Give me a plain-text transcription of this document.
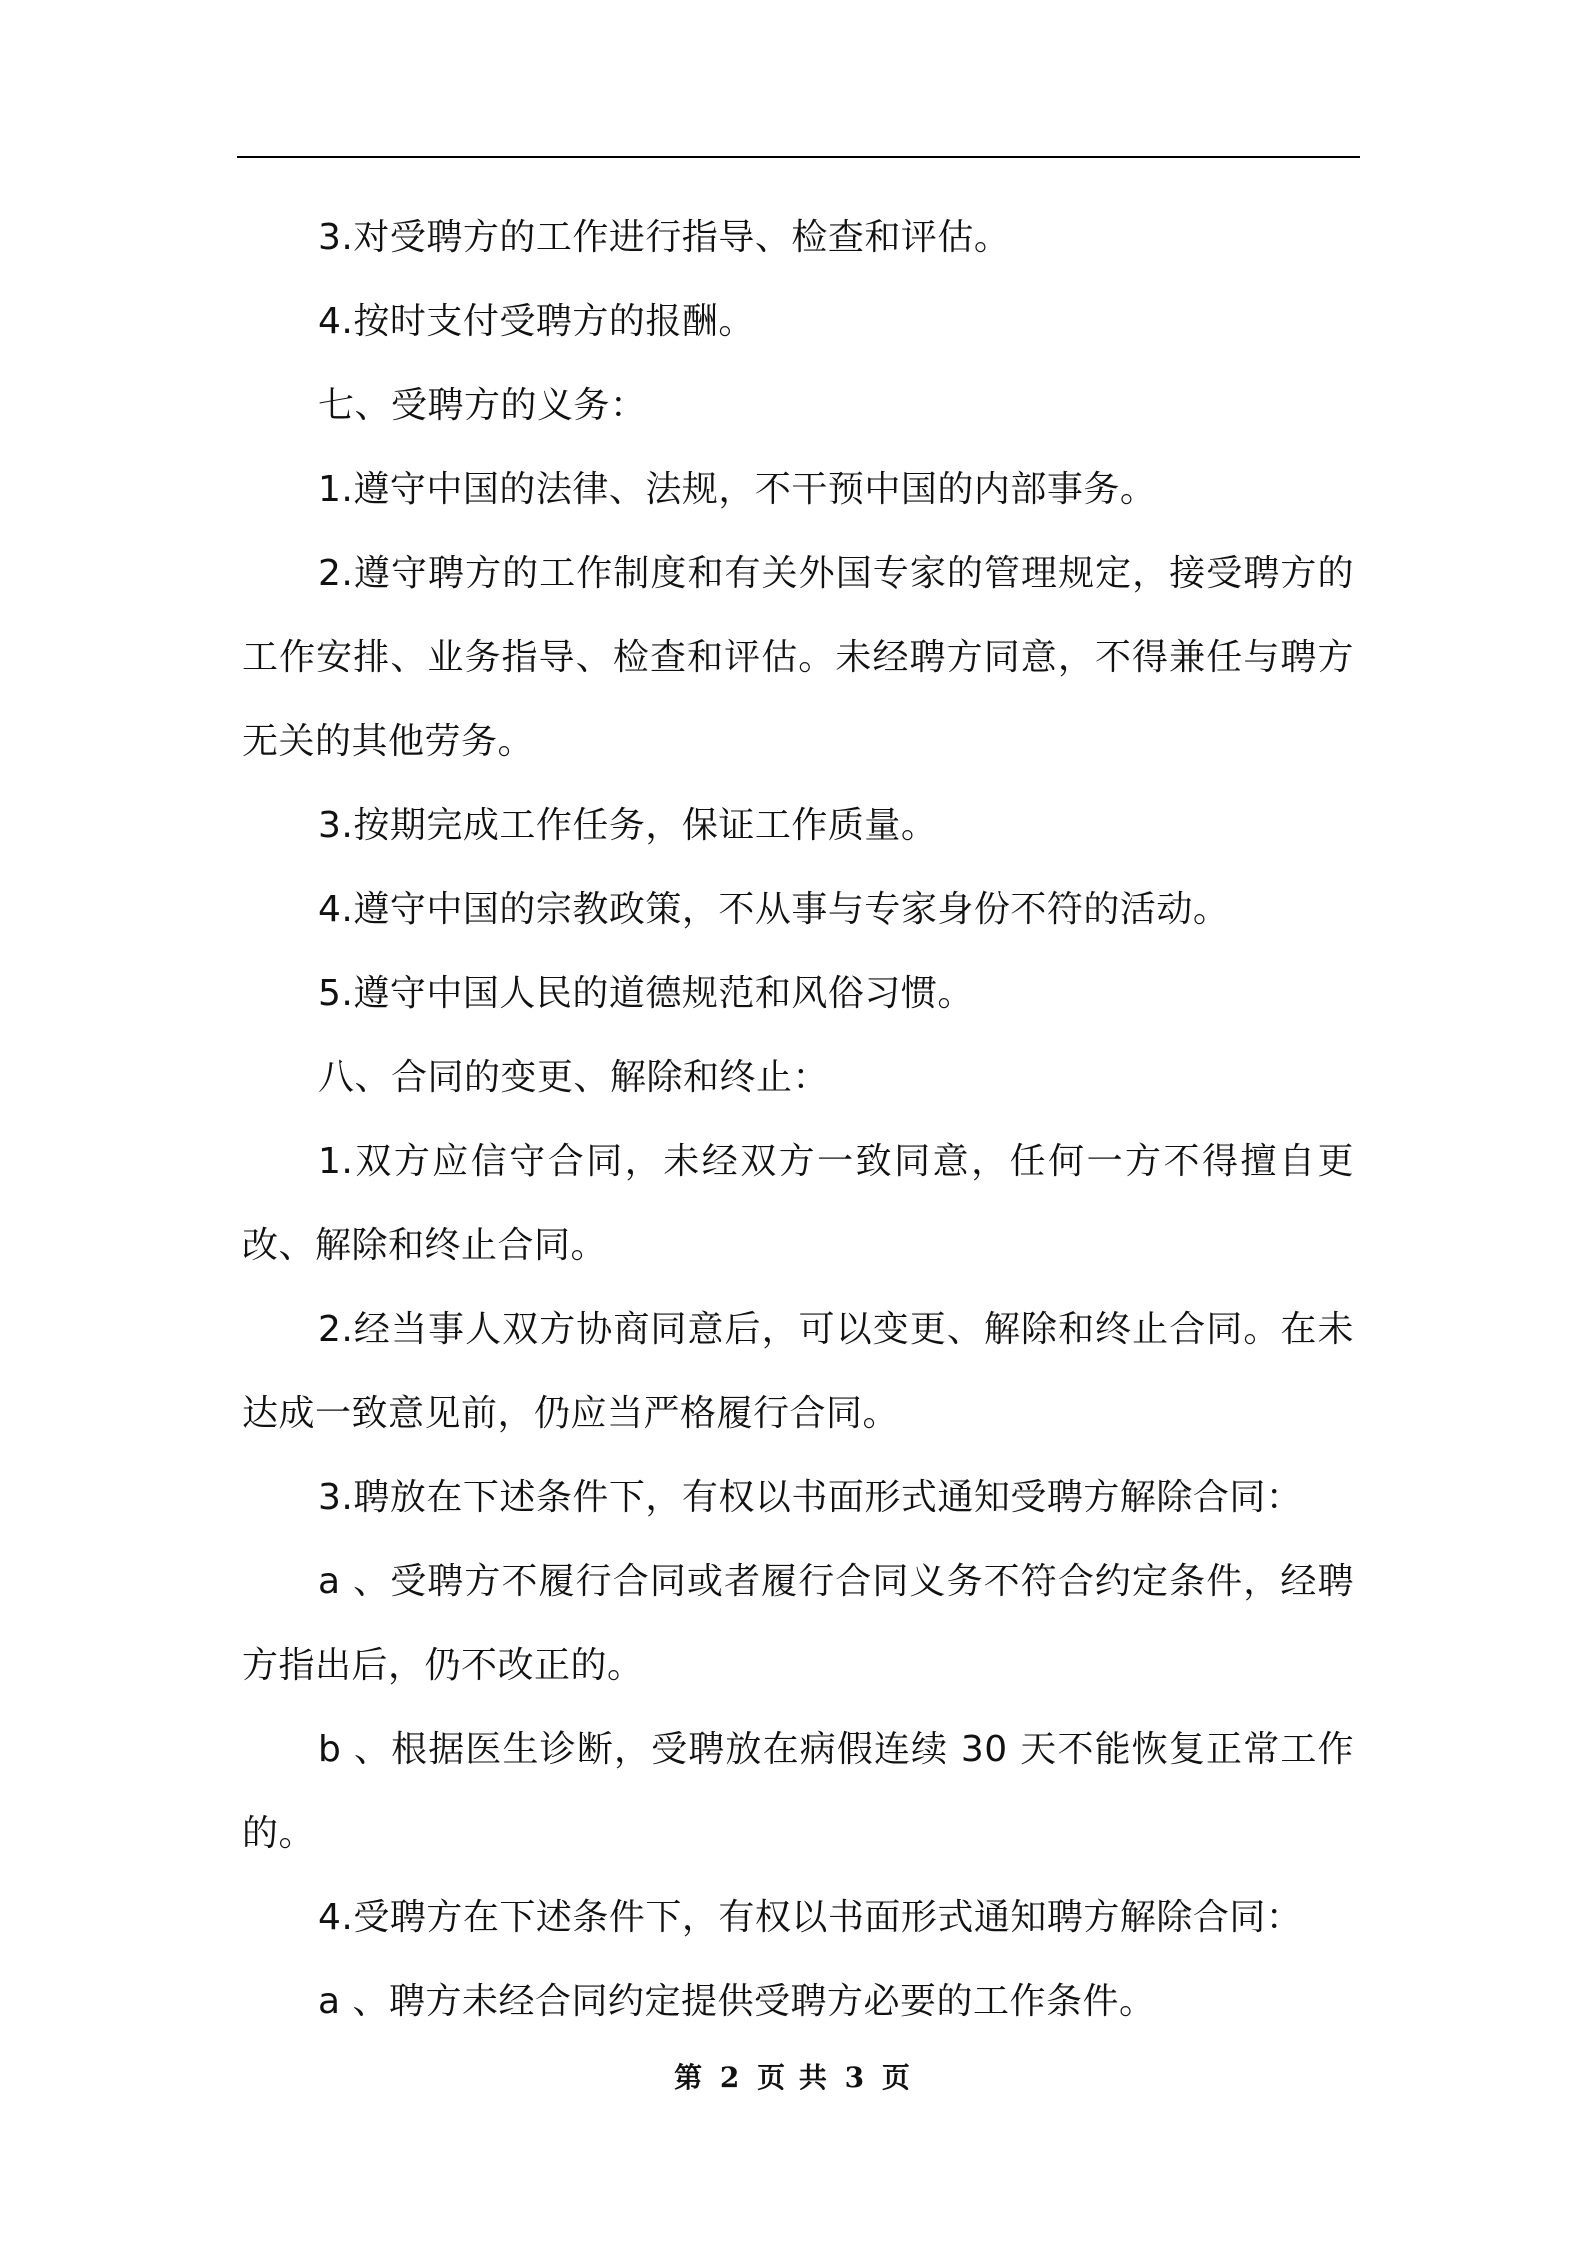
3.对受聘方的工作进行指导、检查和评估。

4.按时支付受聘方的报酬。

七、受聘方的义务：

1.遵守中国的法律、法规，不干预中国的内部事务。

2.遵守聘方的工作制度和有关外国专家的管理规定，接受聘方的工作安排、业务指导、检查和评估。未经聘方同意，不得兼任与聘方无关的其他劳务。

3.按期完成工作任务，保证工作质量。

4.遵守中国的宗教政策，不从事与专家身份不符的活动。

5.遵守中国人民的道德规范和风俗习惯。

八、合同的变更、解除和终止：

1.双方应信守合同，未经双方一致同意，任何一方不得擅自更改、解除和终止合同。

2.经当事人双方协商同意后，可以变更、解除和终止合同。在未达成一致意见前，仍应当严格履行合同。

3.聘放在下述条件下，有权以书面形式通知受聘方解除合同：

a 、受聘方不履行合同或者履行合同义务不符合约定条件，经聘方指出后，仍不改正的。

b 、根据医生诊断，受聘放在病假连续 30 天不能恢复正常工作的。

4.受聘方在下述条件下，有权以书面形式通知聘方解除合同：

a 、聘方未经合同约定提供受聘方必要的工作条件。

第 2 页 共 3 页
